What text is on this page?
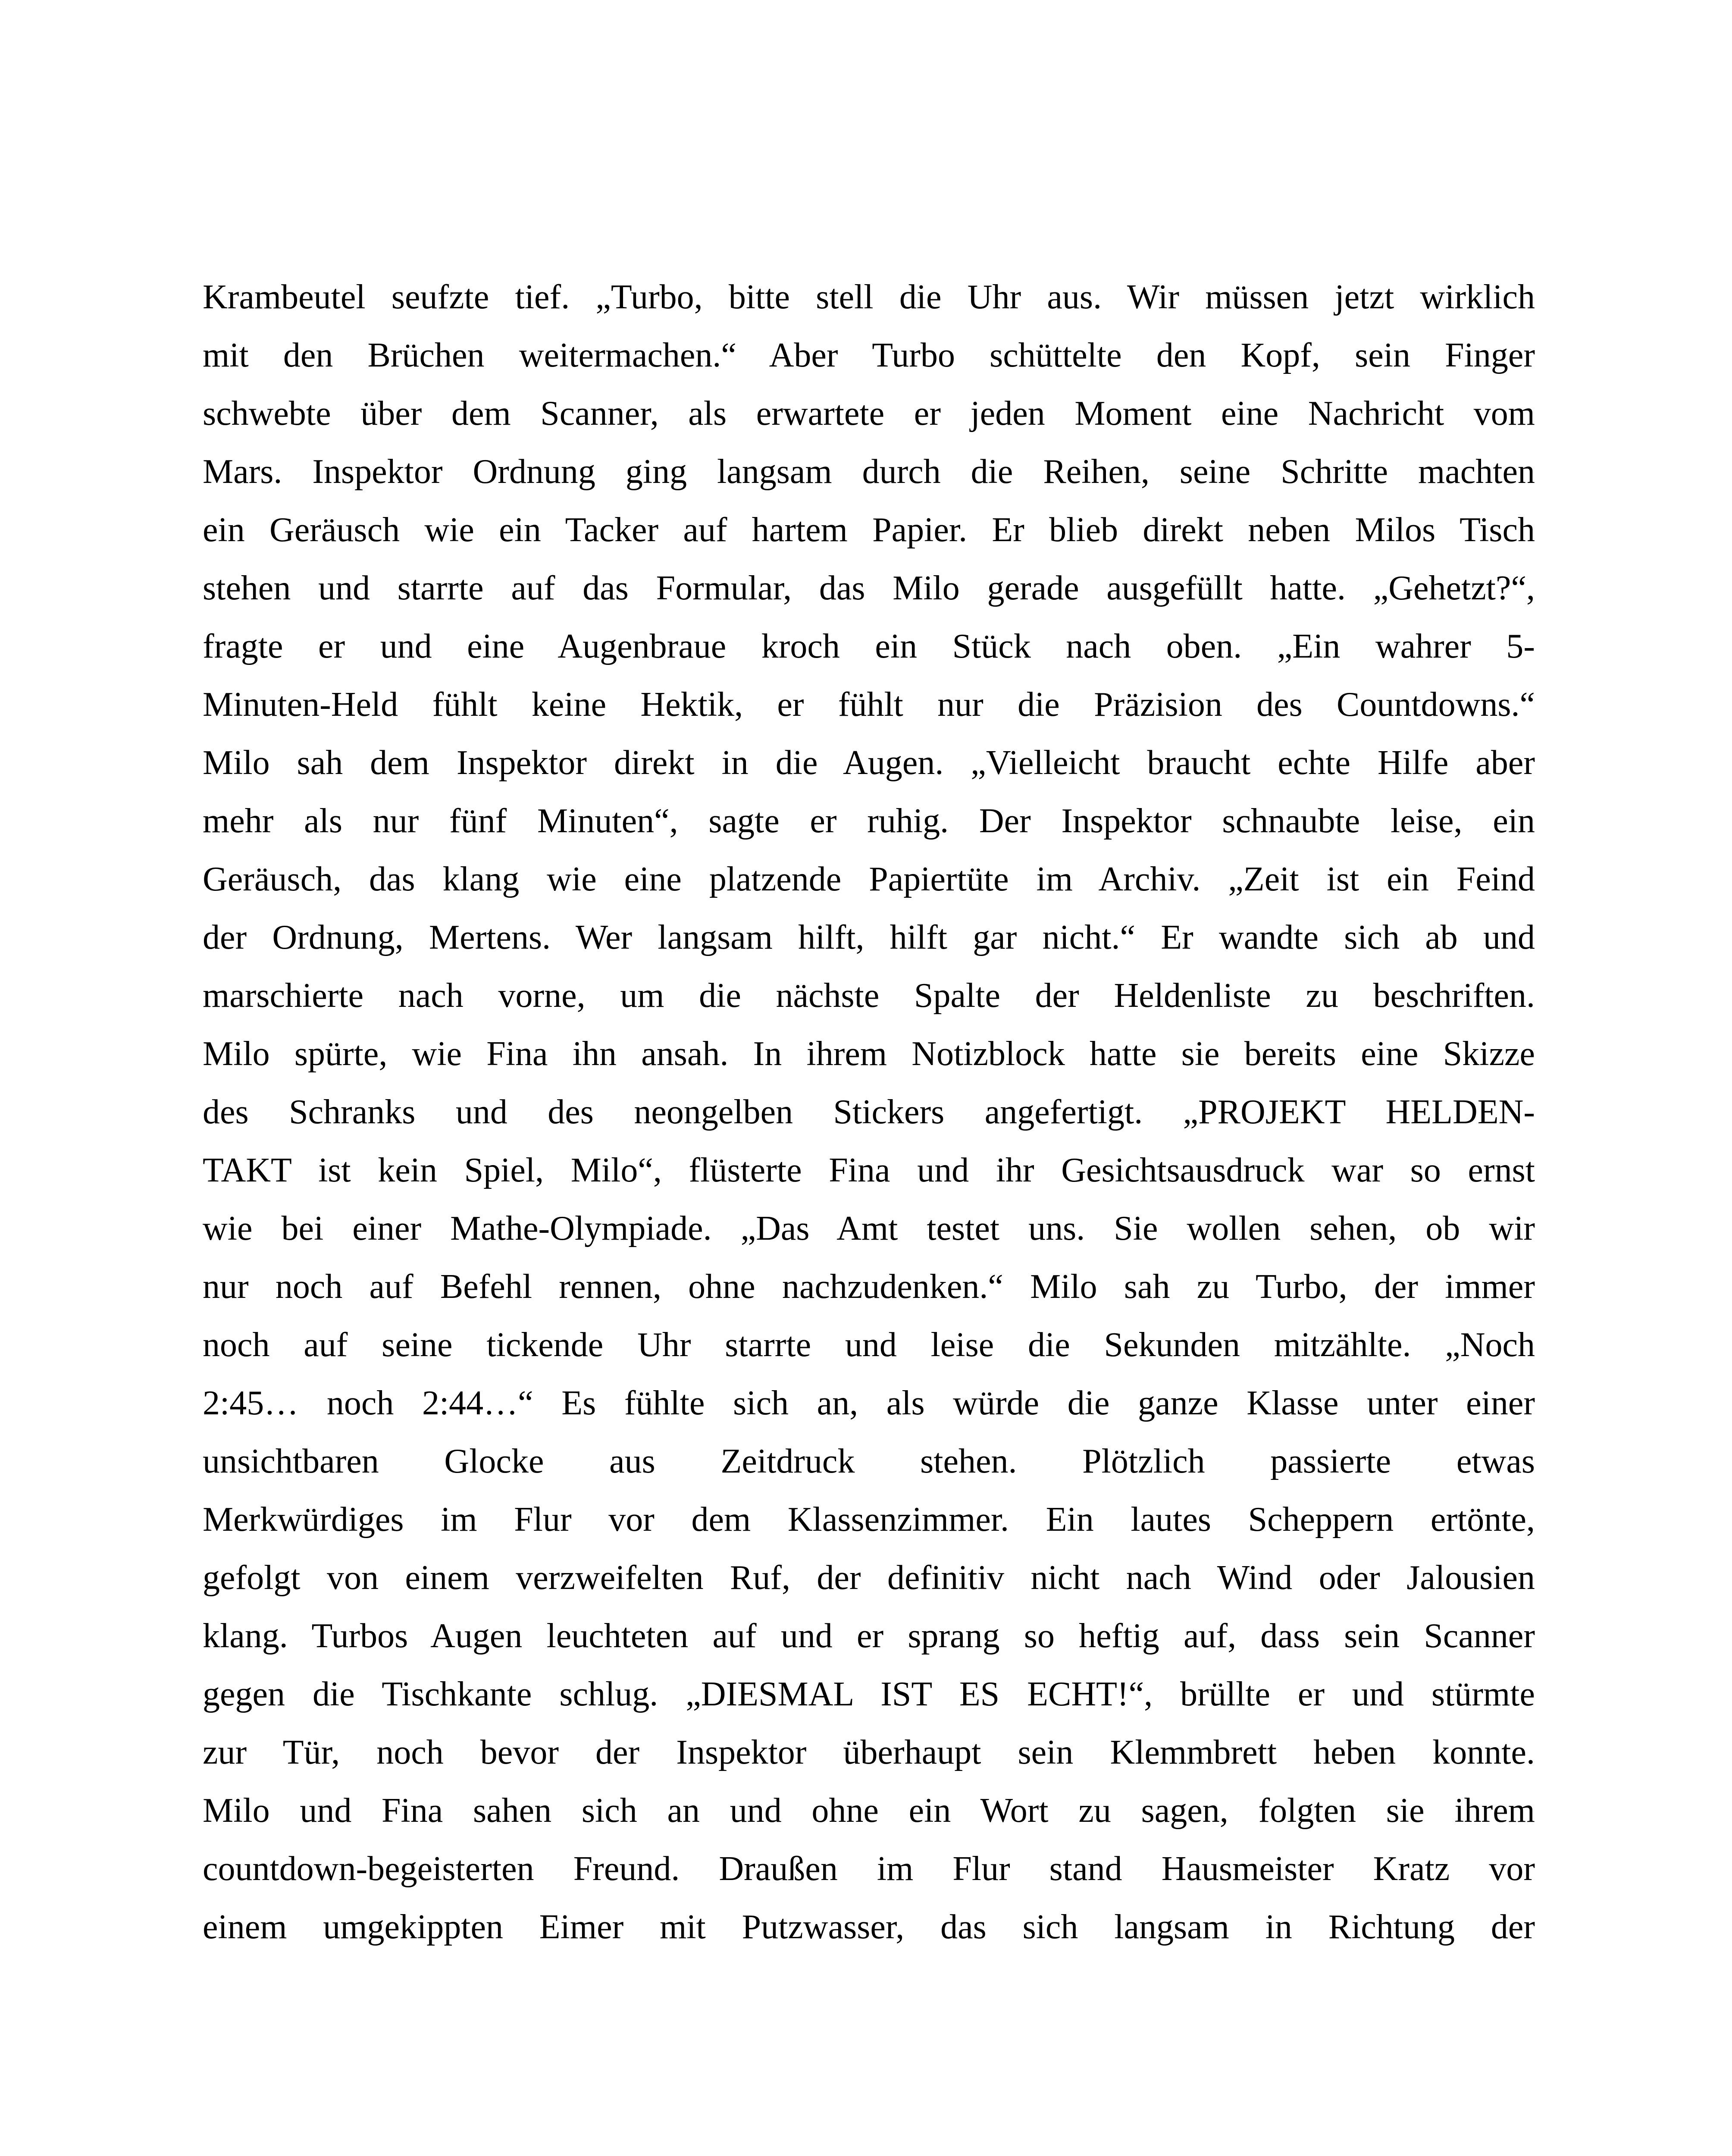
Krambeutel seufzte tief. „Turbo, bitte stell die Uhr aus. Wir müssen jetzt wirklich
mit den Brüchen weitermachen.“ Aber Turbo schüttelte den Kopf, sein Finger
schwebte über dem Scanner, als erwartete er jeden Moment eine Nachricht vom
Mars. Inspektor Ordnung ging langsam durch die Reihen, seine Schritte machten
ein Geräusch wie ein Tacker auf hartem Papier. Er blieb direkt neben Milos Tisch
stehen und starrte auf das Formular, das Milo gerade ausgefüllt hatte. „Gehetzt?“,
fragte er und eine Augenbraue kroch ein Stück nach oben. „Ein wahrer 5-
Minuten-Held fühlt keine Hektik, er fühlt nur die Präzision des Countdowns.“
Milo sah dem Inspektor direkt in die Augen. „Vielleicht braucht echte Hilfe aber
mehr als nur fünf Minuten“, sagte er ruhig. Der Inspektor schnaubte leise, ein
Geräusch, das klang wie eine platzende Papiertüte im Archiv. „Zeit ist ein Feind
der Ordnung, Mertens. Wer langsam hilft, hilft gar nicht.“ Er wandte sich ab und
marschierte nach vorne, um die nächste Spalte der Heldenliste zu beschriften.
Milo spürte, wie Fina ihn ansah. In ihrem Notizblock hatte sie bereits eine Skizze
des Schranks und des neongelben Stickers angefertigt. „PROJEKT HELDEN-
TAKT ist kein Spiel, Milo“, flüsterte Fina und ihr Gesichtsausdruck war so ernst
wie bei einer Mathe-Olympiade. „Das Amt testet uns. Sie wollen sehen, ob wir
nur noch auf Befehl rennen, ohne nachzudenken.“ Milo sah zu Turbo, der immer
noch auf seine tickende Uhr starrte und leise die Sekunden mitzählte. „Noch
2:45… noch 2:44…“ Es fühlte sich an, als würde die ganze Klasse unter einer
unsichtbaren Glocke aus Zeitdruck stehen. Plötzlich passierte etwas
Merkwürdiges im Flur vor dem Klassenzimmer. Ein lautes Scheppern ertönte,
gefolgt von einem verzweifelten Ruf, der definitiv nicht nach Wind oder Jalousien
klang. Turbos Augen leuchteten auf und er sprang so heftig auf, dass sein Scanner
gegen die Tischkante schlug. „DIESMAL IST ES ECHT!“, brüllte er und stürmte
zur Tür, noch bevor der Inspektor überhaupt sein Klemmbrett heben konnte.
Milo und Fina sahen sich an und ohne ein Wort zu sagen, folgten sie ihrem
countdown-begeisterten Freund. Draußen im Flur stand Hausmeister Kratz vor
einem umgekippten Eimer mit Putzwasser, das sich langsam in Richtung der
